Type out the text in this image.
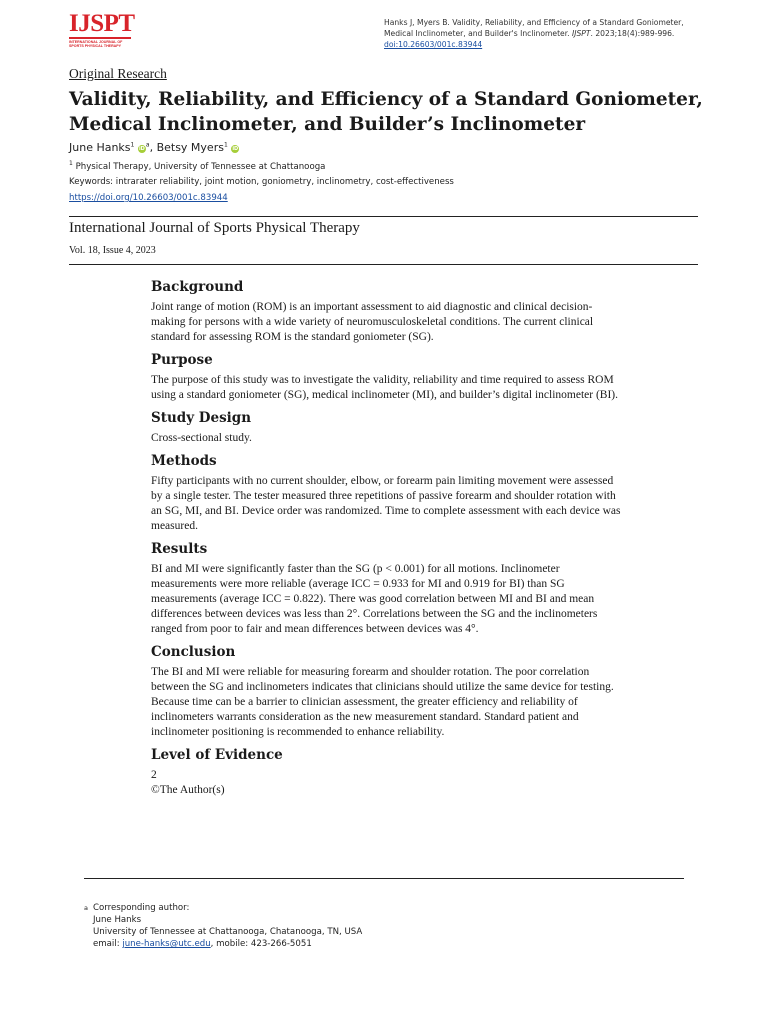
IJSPT
INTERNATIONAL JOURNAL OF
SPORTS PHYSICAL THERAPY
Hanks J, Myers B. Validity, Reliability, and Efficiency of a Standard Goniometer, Medical Inclinometer, and Builder's Inclinometer. IJSPT. 2023;18(4):989-996.
doi:10.26603/001c.83944
Original Research
Validity, Reliability, and Efficiency of a Standard Goniometer, Medical Inclinometer, and Builder’s Inclinometer
June Hanks$^1$ $iD^a$, Betsy Myers$^1$ iD
$^1$ Physical Therapy, University of Tennessee at Chattanooga
Keywords: intrarater reliability, joint motion, goniometry, inclinometry, cost-effectiveness
https://doi.org/10.26603/001c.83944
International Journal of Sports Physical Therapy
Vol. 18, Issue 4, 2023
Background

Joint range of motion (ROM) is an important assessment to aid diagnostic and clinical decision-making for persons with a wide variety of neuromusculoskeletal conditions. The current clinical standard for assessing ROM is the standard goniometer (SG).

Purpose

The purpose of this study was to investigate the validity, reliability and time required to assess ROM using a standard goniometer (SG), medical inclinometer (MI), and builder’s digital inclinometer (BI).

Study Design

Cross-sectional study.

Methods

Fifty participants with no current shoulder, elbow, or forearm pain limiting movement were assessed by a single tester. The tester measured three repetitions of passive forearm and shoulder rotation with an SG, MI, and BI. Device order was randomized. Time to complete assessment with each device was measured.

Results

BI and MI were significantly faster than the SG (p < 0.001) for all motions. Inclinometer measurements were more reliable (average ICC = 0.933 for MI and 0.919 for BI) than SG measurements (average ICC = 0.822). There was good correlation between MI and BI and mean differences between devices was less than 2°. Correlations between the SG and the inclinometers ranged from poor to fair and mean differences between devices was 4°.

Conclusion

The BI and MI were reliable for measuring forearm and shoulder rotation. The poor correlation between the SG and inclinometers indicates that clinicians should utilize the same device for testing. Because time can be a barrier to clinician assessment, the greater efficiency and reliability of inclinometers warrants consideration as the new measurement standard. Standard patient and inclinometer positioning is recommended to enhance reliability.

Level of Evidence
2
©The Author(s)
a Corresponding author:
June Hanks
University of Tennessee at Chattanooga, Chatanooga, TN, USA
email: june-hanks@utc.edu, mobile: 423-266-5051
